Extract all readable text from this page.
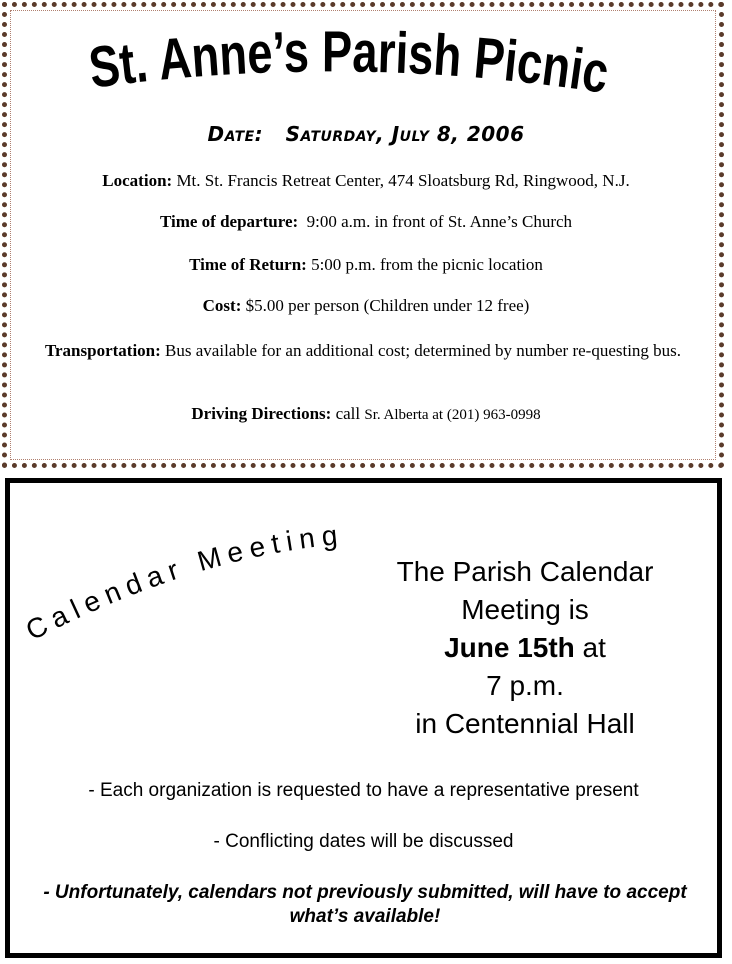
St. Anne’s Parish Picnic
Date: Saturday, July 8, 2006
Location: Mt. St. Francis Retreat Center, 474 Sloatsburg Rd, Ringwood, N.J.
Time of departure: 9:00 a.m. in front of St. Anne’s Church
Time of Return: 5:00 p.m. from the picnic location
Cost: $5.00 per person (Children under 12 free)
Transportation: Bus available for an additional cost; determined by number re-questing bus.
Driving Directions: call Sr. Alberta at (201) 963-0998
Calendar Meeting
The Parish Calendar
Meeting is
June 15th at
7 p.m.
in Centennial Hall
- Each organization is requested to have a representative present
- Conflicting dates will be discussed
- Unfortunately, calendars not previously submitted, will have to accept what’s available!
